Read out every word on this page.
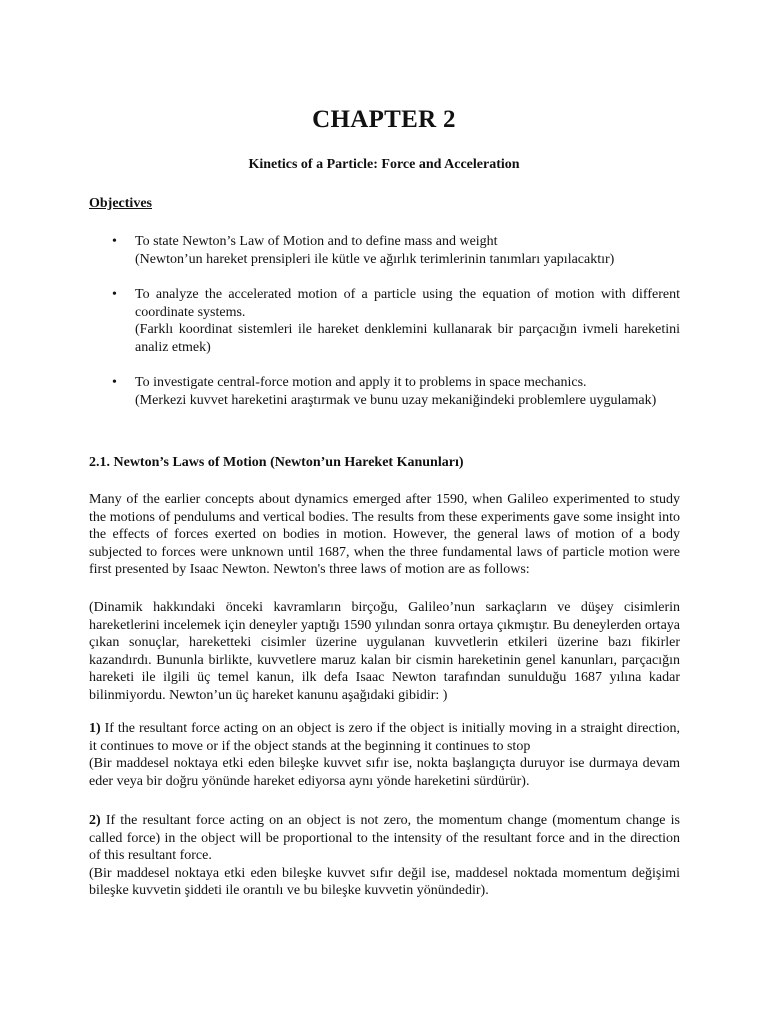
CHAPTER 2
Kinetics of a Particle: Force and Acceleration
Objectives
• To state Newton’s Law of Motion and to define mass and weight
(Newton’un hareket prensipleri ile kütle ve ağırlık terimlerinin tanımları yapılacaktır)
• To analyze the accelerated motion of a particle using the equation of motion with different coordinate systems.
(Farklı koordinat sistemleri ile hareket denklemini kullanarak bir parçacığın ivmeli hareketini analiz etmek)
• To investigate central-force motion and apply it to problems in space mechanics.
(Merkezi kuvvet hareketini araştırmak ve bunu uzay mekaniğindeki problemlere uygulamak)
2.1. Newton’s Laws of Motion (Newton’un Hareket Kanunları)
Many of the earlier concepts about dynamics emerged after 1590, when Galileo experimented to study the motions of pendulums and vertical bodies. The results from these experiments gave some insight into the effects of forces exerted on bodies in motion. However, the general laws of motion of a body subjected to forces were unknown until 1687, when the three fundamental laws of particle motion were first presented by Isaac Newton. Newton's three laws of motion are as follows:
(Dinamik hakkındaki önceki kavramların birçoğu, Galileo’nun sarkaçların ve düşey cisimlerin hareketlerini incelemek için deneyler yaptığı 1590 yılından sonra ortaya çıkmıştır. Bu deneylerden ortaya çıkan sonuçlar, hareketteki cisimler üzerine uygulanan kuvvetlerin etkileri üzerine bazı fikirler kazandırdı. Bununla birlikte, kuvvetlere maruz kalan bir cismin hareketinin genel kanunları, parçacığın hareketi ile ilgili üç temel kanun, ilk defa Isaac Newton tarafından sunulduğu 1687 yılına kadar bilinmiyordu. Newton’un üç hareket kanunu aşağıdaki gibidir: )
1) If the resultant force acting on an object is zero if the object is initially moving in a straight direction, it continues to move or if the object stands at the beginning it continues to stop
(Bir maddesel noktaya etki eden bileşke kuvvet sıfır ise, nokta başlangıçta duruyor ise durmaya devam eder veya bir doğru yönünde hareket ediyorsa aynı yönde hareketini sürdürür).
2) If the resultant force acting on an object is not zero, the momentum change (momentum change is called force) in the object will be proportional to the intensity of the resultant force and in the direction of this resultant force.
(Bir maddesel noktaya etki eden bileşke kuvvet sıfır değil ise, maddesel noktada momentum değişimi bileşke kuvvetin şiddeti ile orantılı ve bu bileşke kuvvetin yönündedir).
